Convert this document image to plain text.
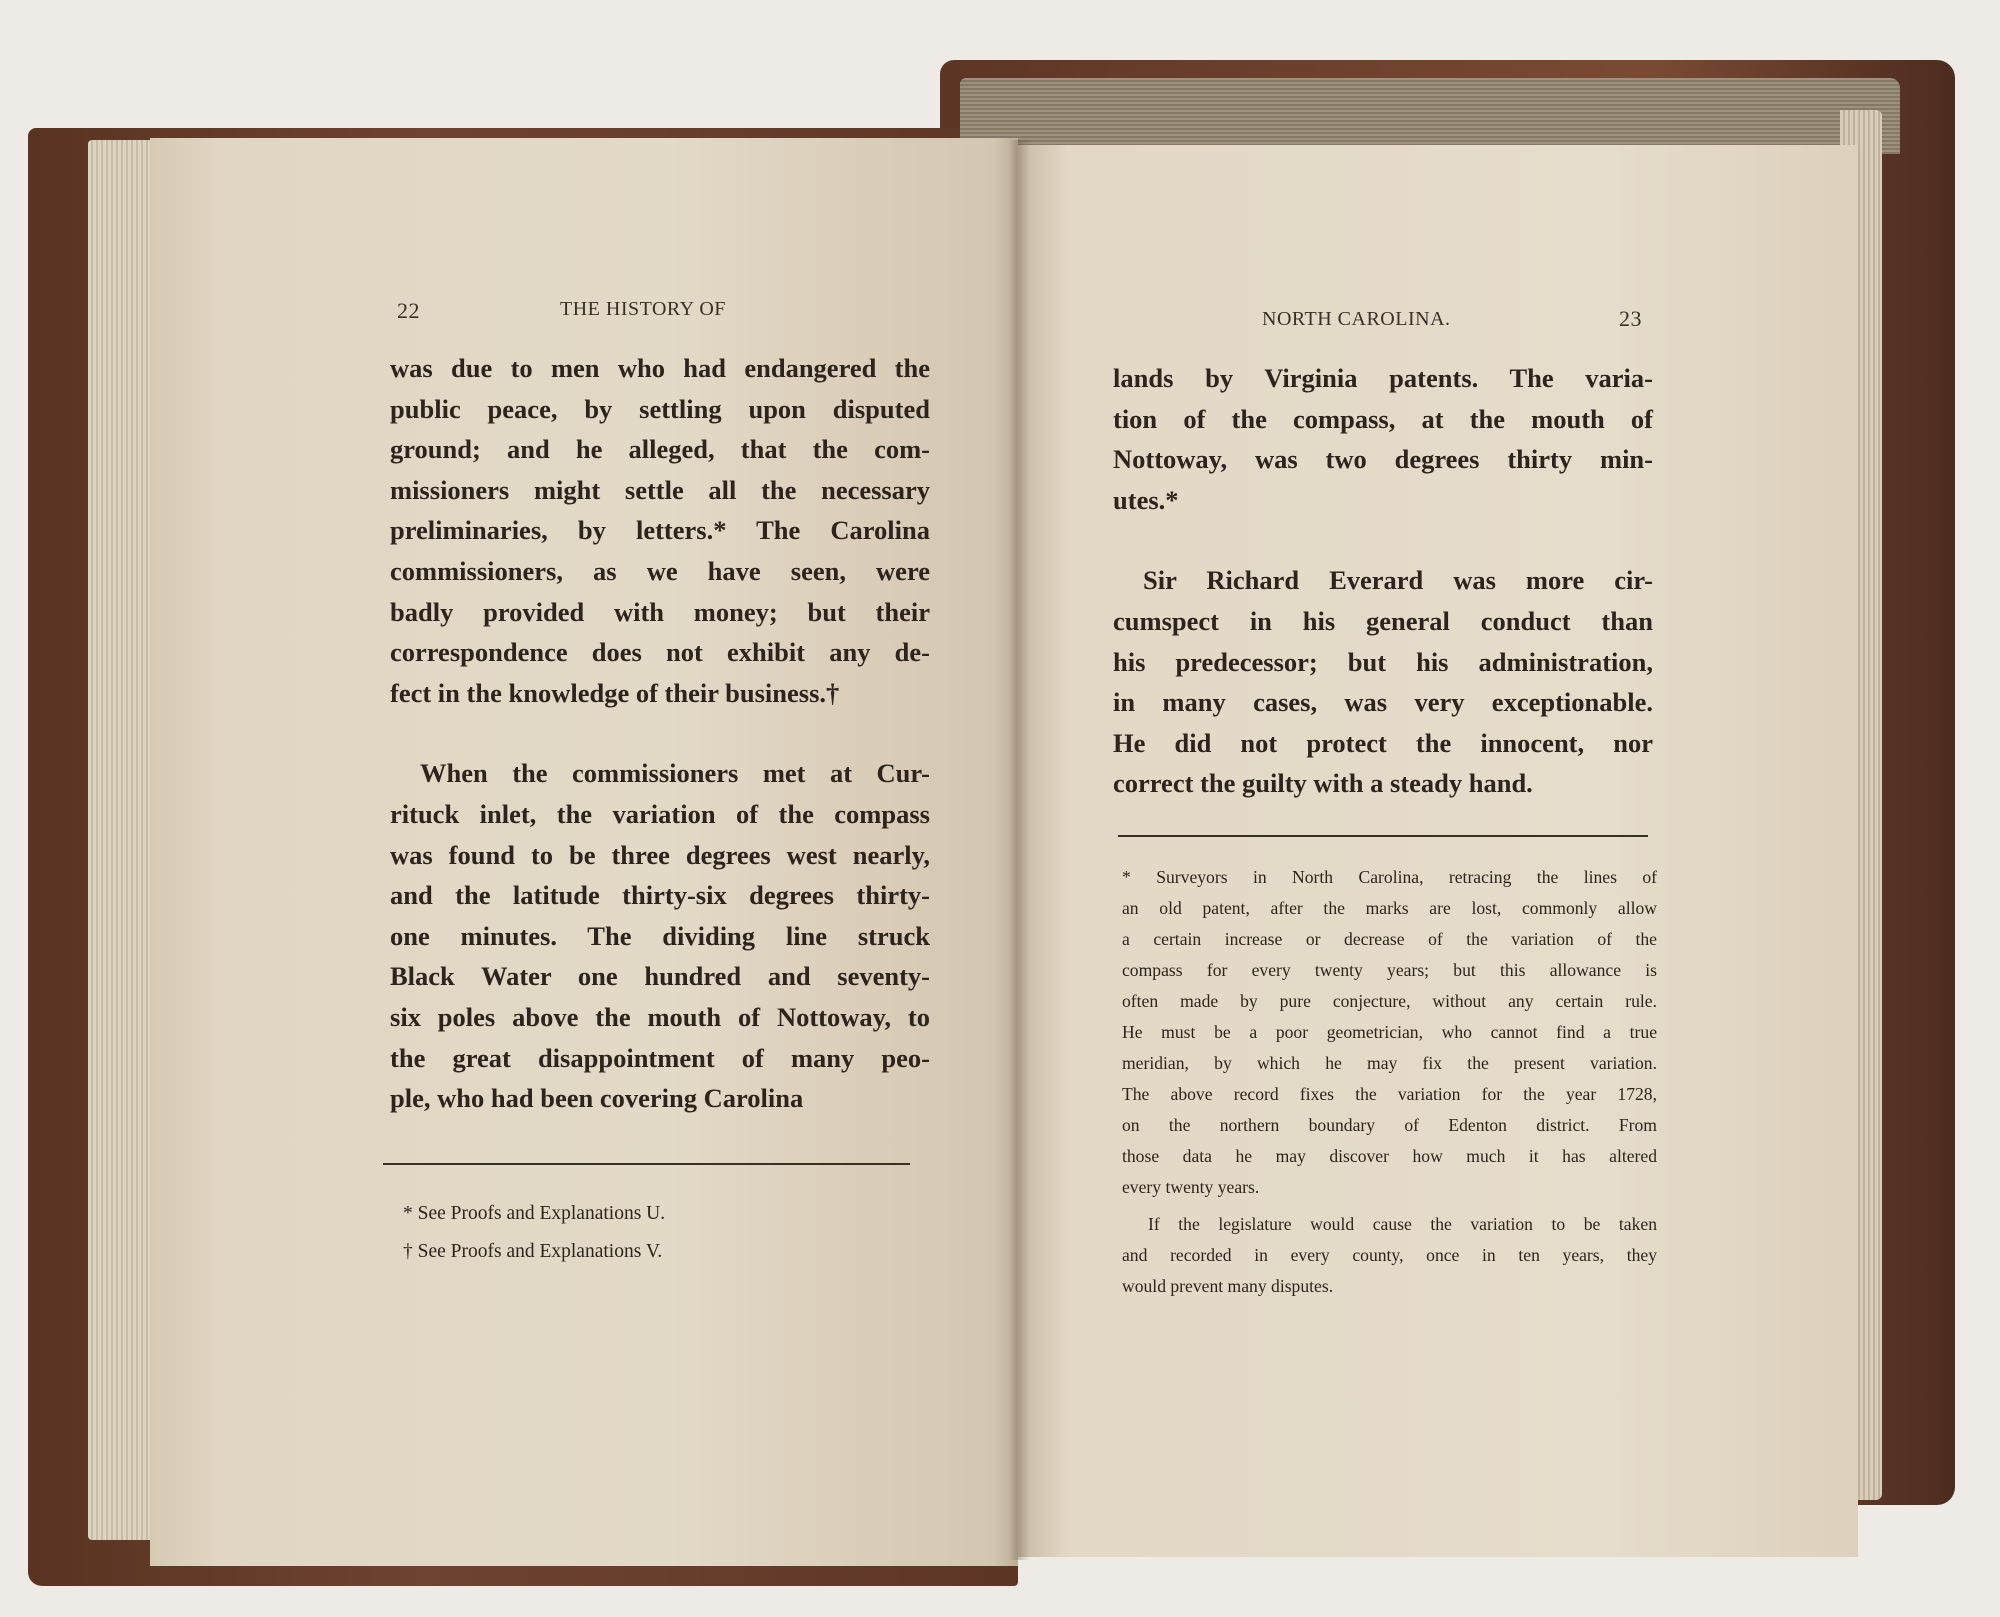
22	THE HISTORY OF

was due to men who had endangered the

public peace, by settling upon disputed

ground; and he alleged, that the com-

missioners might settle all the necessary

preliminaries, by letters.* The Carolina

commissioners, as we have seen, were

badly provided with money; but their

correspondence does not exhibit any de-

fect in the knowledge of their business.†

When the commissioners met at Cur-

rituck inlet, the variation of the compass

was found to be three degrees west nearly,

and the latitude thirty-six degrees thirty-

one minutes. The dividing line struck

Black Water one hundred and seventy-

six poles above the mouth of Nottoway, to

the great disappointment of many peo-

ple, who had been covering Carolina

* See Proofs and Explanations U.
† See Proofs and Explanations V.
NORTH CAROLINA.	23

lands by Virginia patents. The varia-

tion of the compass, at the mouth of

Nottoway, was two degrees thirty min-

utes.*

Sir Richard Everard was more cir-

cumspect in his general conduct than

his predecessor; but his administration,

in many cases, was very exceptionable.

He did not protect the innocent, nor

correct the guilty with a steady hand.

* Surveyors in North Carolina, retracing the lines of

an old patent, after the marks are lost, commonly allow

a certain increase or decrease of the variation of the

compass for every twenty years; but this allowance is

often made by pure conjecture, without any certain rule.

He must be a poor geometrician, who cannot find a true

meridian, by which he may fix the present variation.

The above record fixes the variation for the year 1728,

on the northern boundary of Edenton district. From

those data he may discover how much it has altered

every twenty years.

If the legislature would cause the variation to be taken

and recorded in every county, once in ten years, they

would prevent many disputes.
